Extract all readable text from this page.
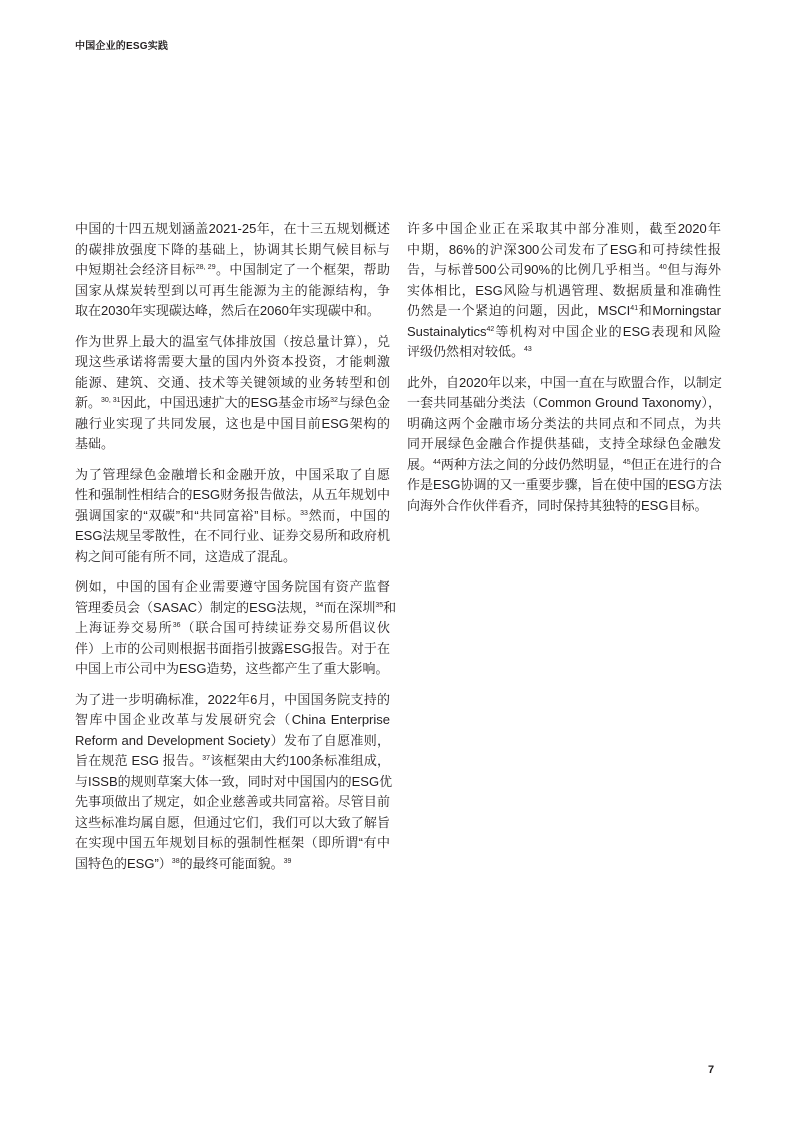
中国企业的ESG实践
中国的十四五规划涵盖2021-25年，在十三五规划概述
的碳排放强度下降的基础上，协调其长期气候目标与
中短期社会经济目标$^{28, 29}$。中国制定了一个框架，帮助
国家从煤炭转型到以可再生能源为主的能源结构，争
取在2030年实现碳达峰，然后在2060年实现碳中和。
作为世界上最大的温室气体排放国（按总量计算），兑
现这些承诺将需要大量的国内外资本投资，才能刺激
能源、建筑、交通、技术等关键领域的业务转型和创
新。$^{30, 31}$因此，中国迅速扩大的ESG基金市场$^{32}$与绿色金
融行业实现了共同发展，这也是中国目前ESG架构的
基础。
为了管理绿色金融增长和金融开放，中国采取了自愿
性和强制性相结合的ESG财务报告做法，从五年规划中
强调国家的“双碳”和“共同富裕”目标。$^{33}$然而，中国的
ESG法规呈零散性，在不同行业、证券交易所和政府机
构之间可能有所不同，这造成了混乱。
例如，中国的国有企业需要遵守国务院国有资产监督
管理委员会（SASAC）制定的ESG法规，$^{34}$而在深圳$^{35}$和
上海证券交易所$^{36}$（联合国可持续证券交易所倡议伙
伴）上市的公司则根据书面指引披露ESG报告。对于在
中国上市公司中为ESG造势，这些都产生了重大影响。
为了进一步明确标准，2022年6月，中国国务院支持的
智库中国企业改革与发展研究会（China Enterprise
Reform and Development Society）发布了自愿准则，
旨在规范 ESG 报告。$^{37}$该框架由大约100条标准组成，
与ISSB的规则草案大体一致，同时对中国国内的ESG优
先事项做出了规定，如企业慈善或共同富裕。尽管目前
这些标准均属自愿，但通过它们，我们可以大致了解旨
在实现中国五年规划目标的强制性框架（即所谓“有中
国特色的ESG”）$^{38}$的最终可能面貌。$^{39}$
许多中国企业正在采取其中部分准则，截至2020年
中期，86%的沪深300公司发布了ESG和可持续性报
告，与标普500公司90%的比例几乎相当。$^{40}$但与海外
实体相比，ESG风险与机遇管理、数据质量和准确性
仍然是一个紧迫的问题，因此，MSCI$^{41}$和Morningstar
Sustainalytics$^{42}$等机构对中国企业的ESG表现和风险
评级仍然相对较低。$^{43}$
此外，自2020年以来，中国一直在与欧盟合作，以制定
一套共同基础分类法（Common Ground Taxonomy），
明确这两个金融市场分类法的共同点和不同点，为共
同开展绿色金融合作提供基础，支持全球绿色金融发
展。$^{44}$两种方法之间的分歧仍然明显，$^{45}$但正在进行的合
作是ESG协调的又一重要步骤，旨在使中国的ESG方法
向海外合作伙伴看齐，同时保持其独特的ESG目标。
7
